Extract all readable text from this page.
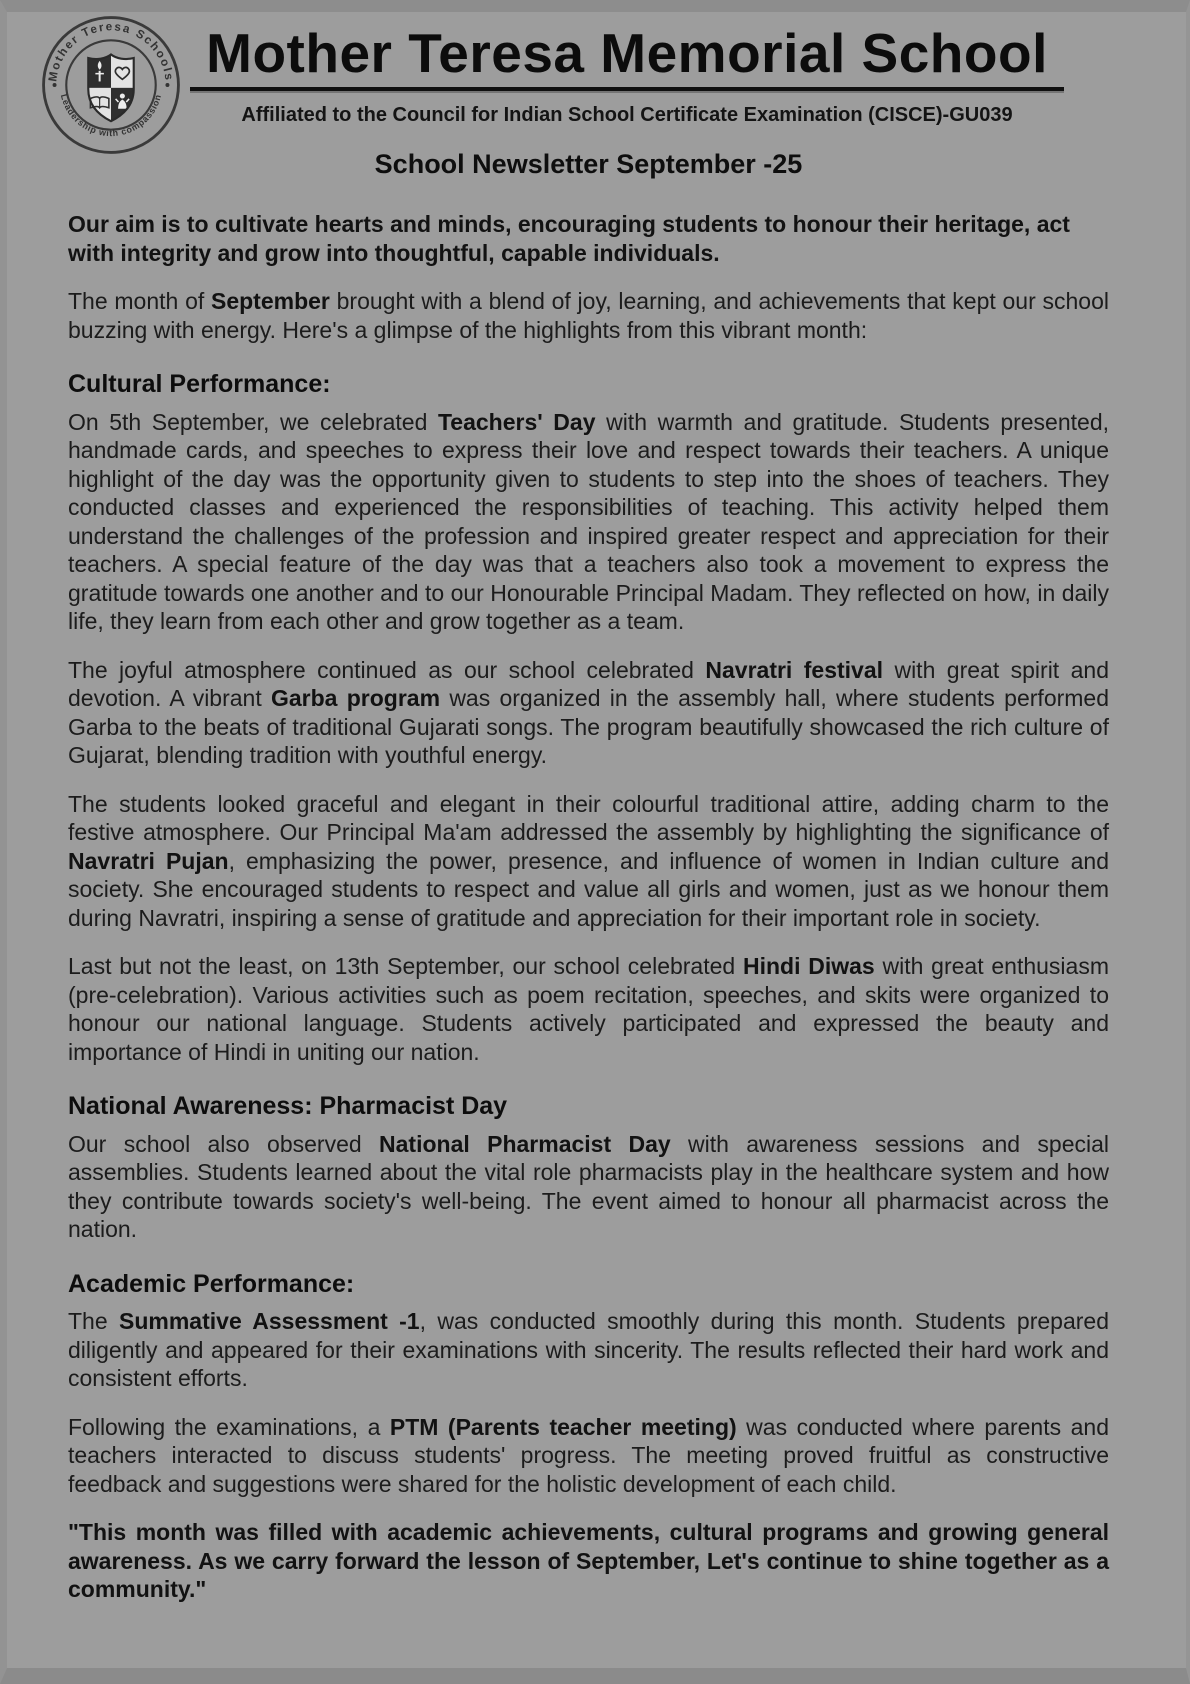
Mother Teresa Schools
Leadership with compassion
Mother Teresa Memorial School
Affiliated to the Council for Indian School Certificate Examination (CISCE)-GU039
School Newsletter September -25

Our aim is to cultivate hearts and minds, encouraging students to honour their heritage, act with integrity and grow into thoughtful, capable individuals.

The month of September brought with a blend of joy, learning, and achievements that kept our school buzzing with energy. Here's a glimpse of the highlights from this vibrant month:

Cultural Performance:

On 5th September, we celebrated Teachers' Day with warmth and gratitude. Students presented, handmade cards, and speeches to express their love and respect towards their teachers. A unique highlight of the day was the opportunity given to students to step into the shoes of teachers. They conducted classes and experienced the responsibilities of teaching. This activity helped them understand the challenges of the profession and inspired greater respect and appreciation for their teachers. A special feature of the day was that a teachers also took a movement to express the gratitude towards one another and to our Honourable Principal Madam. They reflected on how, in daily life, they learn from each other and grow together as a team.

The joyful atmosphere continued as our school celebrated Navratri festival with great spirit and devotion. A vibrant Garba program was organized in the assembly hall, where students performed Garba to the beats of traditional Gujarati songs. The program beautifully showcased the rich culture of Gujarat, blending tradition with youthful energy.

The students looked graceful and elegant in their colourful traditional attire, adding charm to the festive atmosphere. Our Principal Ma'am addressed the assembly by highlighting the significance of Navratri Pujan, emphasizing the power, presence, and influence of women in Indian culture and society. She encouraged students to respect and value all girls and women, just as we honour them during Navratri, inspiring a sense of gratitude and appreciation for their important role in society.

Last but not the least, on 13th September, our school celebrated Hindi Diwas with great enthusiasm (pre-celebration). Various activities such as poem recitation, speeches, and skits were organized to honour our national language. Students actively participated and expressed the beauty and importance of Hindi in uniting our nation.

National Awareness: Pharmacist Day

Our school also observed National Pharmacist Day with awareness sessions and special assemblies. Students learned about the vital role pharmacists play in the healthcare system and how they contribute towards society's well-being. The event aimed to honour all pharmacist across the nation.

Academic Performance:

The Summative Assessment -1, was conducted smoothly during this month. Students prepared diligently and appeared for their examinations with sincerity. The results reflected their hard work and consistent efforts.

Following the examinations, a PTM (Parents teacher meeting) was conducted where parents and teachers interacted to discuss students' progress. The meeting proved fruitful as constructive feedback and suggestions were shared for the holistic development of each child.

"This month was filled with academic achievements, cultural programs and growing general awareness. As we carry forward the lesson of September, Let's continue to shine together as a community."
